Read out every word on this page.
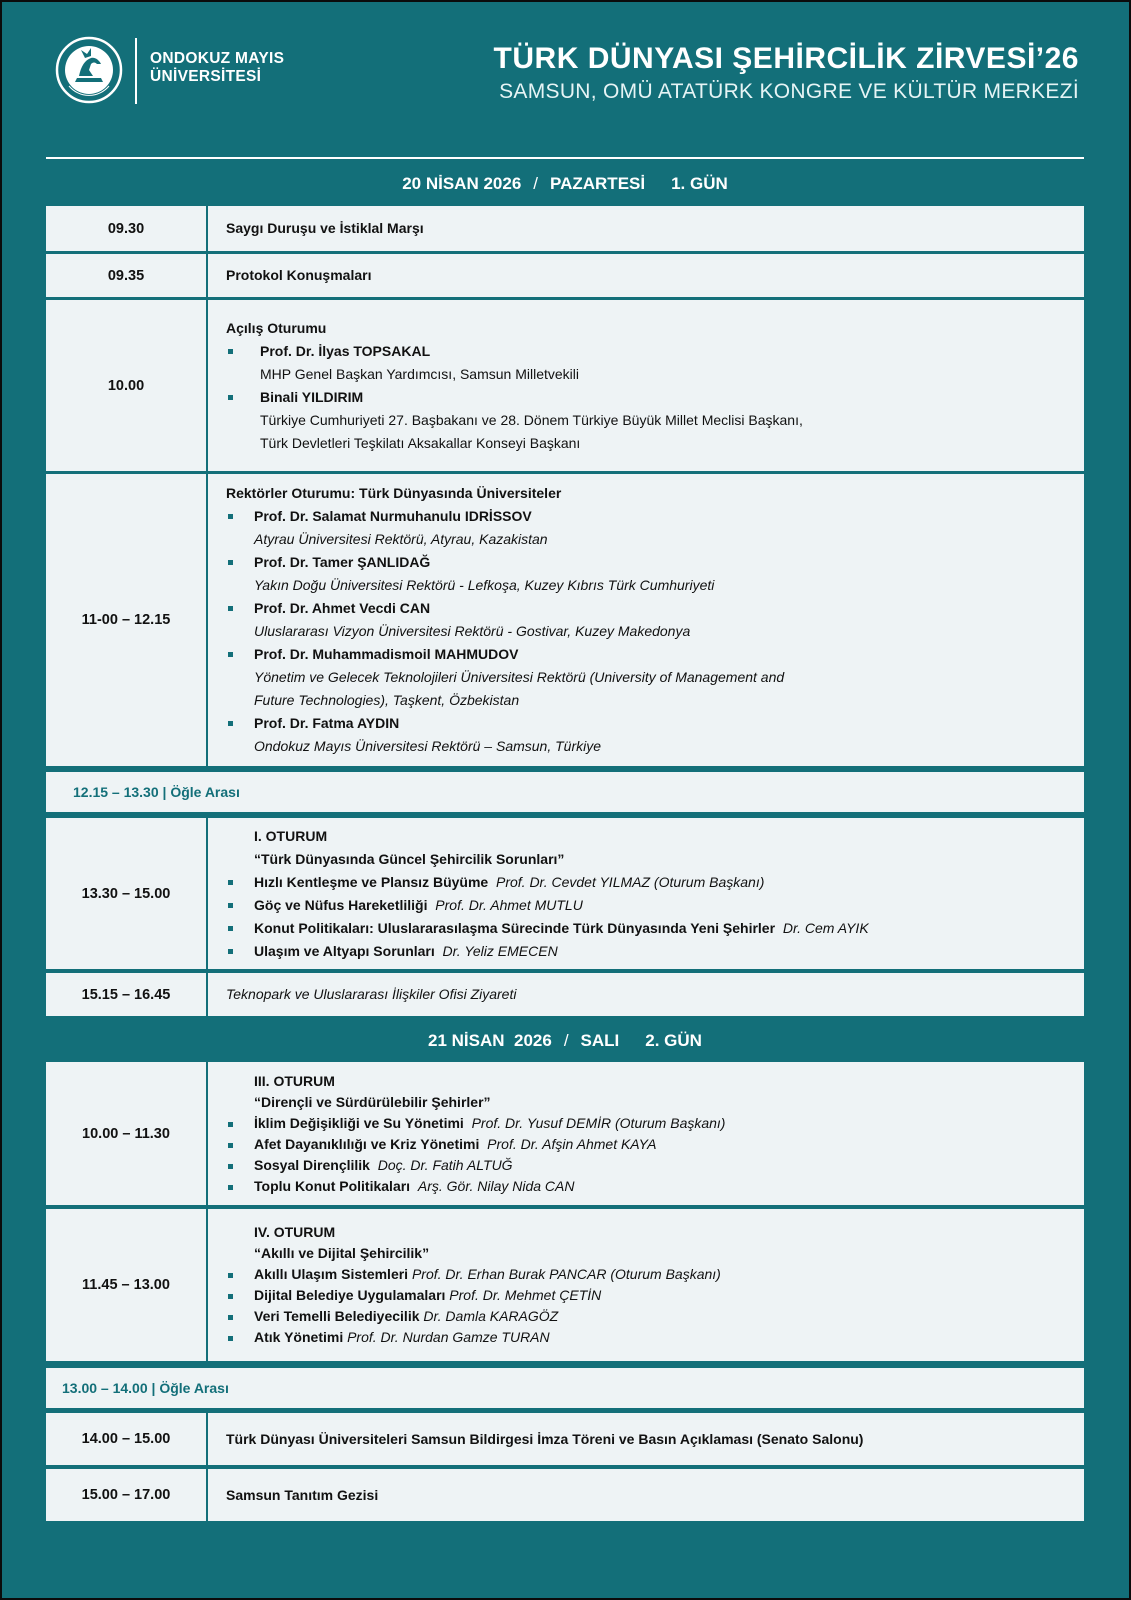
ONDOKUZ MAYIS
ÜNİVERSİTESİ
TÜRK DÜNYASI ŞEHİRCİLİK ZİRVESİ’26
SAMSUN, OMÜ ATATÜRK KONGRE VE KÜLTÜR MERKEZİ
20 NİSAN 2026 / PAZARTESİ 1. GÜN
09.30	Saygı Duruşu ve İstiklal Marşı
09.35	Protokol Konuşmaları
10.00
Açılış Oturumu
Prof. Dr. İlyas TOPSAKAL
MHP Genel Başkan Yardımcısı, Samsun Milletvekili
Binali YILDIRIM
Türkiye Cumhuriyeti 27. Başbakanı ve 28. Dönem Türkiye Büyük Millet Meclisi Başkanı,
Türk Devletleri Teşkilatı Aksakallar Konseyi Başkanı
11-00 – 12.15
Rektörler Oturumu: Türk Dünyasında Üniversiteler
Prof. Dr. Salamat Nurmuhanulu IDRİSSOV
Atyrau Üniversitesi Rektörü, Atyrau, Kazakistan
Prof. Dr. Tamer ŞANLIDAĞ
Yakın Doğu Üniversitesi Rektörü - Lefkoşa, Kuzey Kıbrıs Türk Cumhuriyeti
Prof. Dr. Ahmet Vecdi CAN
Uluslararası Vizyon Üniversitesi Rektörü - Gostivar, Kuzey Makedonya
Prof. Dr. Muhammadismoil MAHMUDOV
Yönetim ve Gelecek Teknolojileri Üniversitesi Rektörü (University of Management and
Future Technologies), Taşkent, Özbekistan
Prof. Dr. Fatma AYDIN
Ondokuz Mayıs Üniversitesi Rektörü – Samsun, Türkiye
12.15 – 13.30 | Öğle Arası
13.30 – 15.00
I. OTURUM
“Türk Dünyasında Güncel Şehircilik Sorunları”
Hızlı Kentleşme ve Plansız Büyüme Prof. Dr. Cevdet YILMAZ (Oturum Başkanı)
Göç ve Nüfus Hareketliliği Prof. Dr. Ahmet MUTLU
Konut Politikaları: Uluslararasılaşma Sürecinde Türk Dünyasında Yeni Şehirler Dr. Cem AYIK
Ulaşım ve Altyapı Sorunları Dr. Yeliz EMECEN
15.15 – 16.45	Teknopark ve Uluslararası İlişkiler Ofisi Ziyareti
21 NİSAN  2026 / SALI 2. GÜN
10.00 – 11.30
III. OTURUM
“Dirençli ve Sürdürülebilir Şehirler”
İklim Değişikliği ve Su Yönetimi Prof. Dr. Yusuf DEMİR (Oturum Başkanı)
Afet Dayanıklılığı ve Kriz Yönetimi Prof. Dr. Afşin Ahmet KAYA
Sosyal Dirençlilik Doç. Dr. Fatih ALTUĞ
Toplu Konut Politikaları Arş. Gör. Nilay Nida CAN
11.45 – 13.00
IV. OTURUM
“Akıllı ve Dijital Şehircilik”
Akıllı Ulaşım Sistemleri Prof. Dr. Erhan Burak PANCAR (Oturum Başkanı)
Dijital Belediye Uygulamaları Prof. Dr. Mehmet ÇETİN
Veri Temelli Belediyecilik Dr. Damla KARAGÖZ
Atık Yönetimi Prof. Dr. Nurdan Gamze TURAN
13.00 – 14.00 | Öğle Arası
14.00 – 15.00	Türk Dünyası Üniversiteleri Samsun Bildirgesi İmza Töreni ve Basın Açıklaması (Senato Salonu)
15.00 – 17.00	Samsun Tanıtım Gezisi
